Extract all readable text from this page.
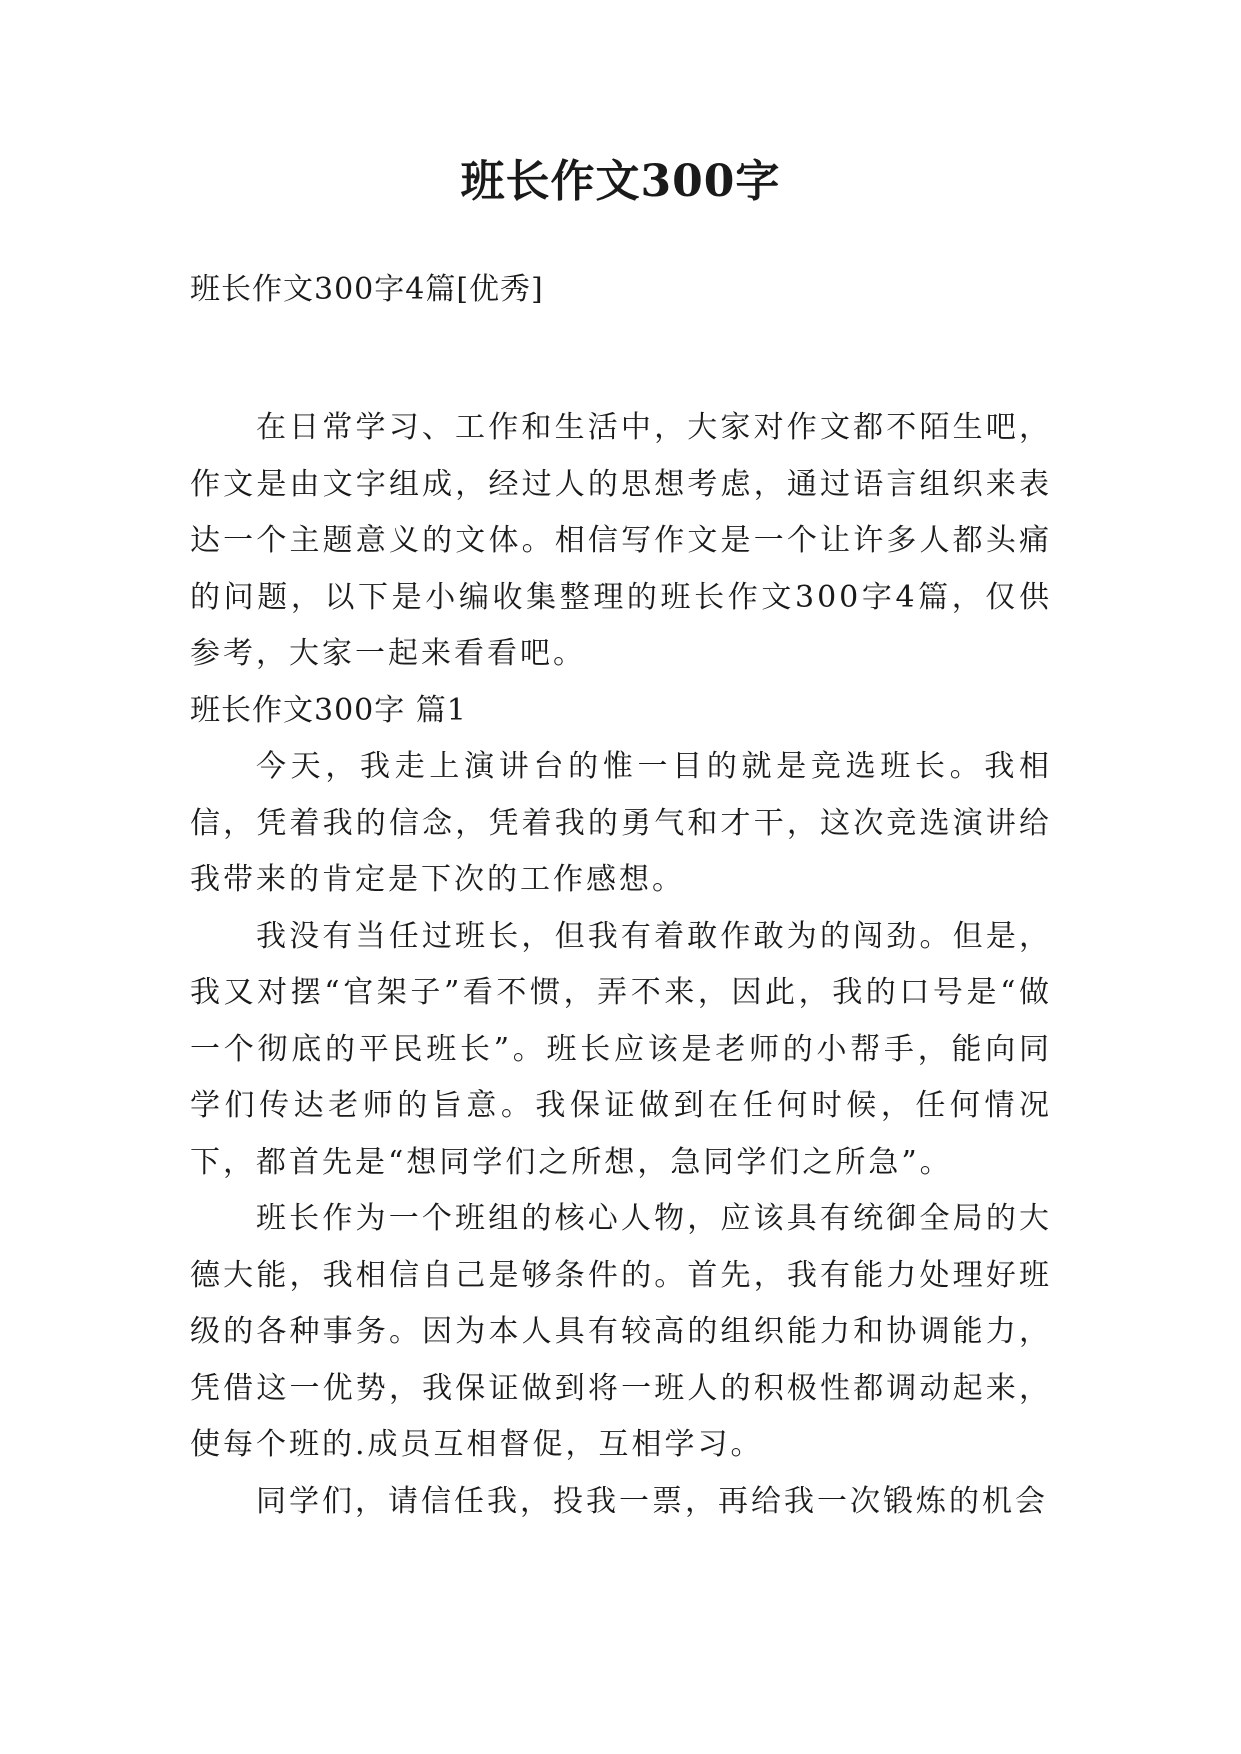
班长作文300字
班长作文300字4篇[优秀]

在日常学习、工作和生活中，大家对作文都不陌生吧，作文是由文字组成，经过人的思想考虑，通过语言组织来表达一个主题意义的文体。相信写作文是一个让许多人都头痛的问题，以下是小编收集整理的班长作文300字4篇，仅供参考，大家一起来看看吧。

班长作文300字 篇1

今天，我走上演讲台的惟一目的就是竞选班长。我相信，凭着我的信念，凭着我的勇气和才干，这次竞选演讲给我带来的肯定是下次的工作感想。

我没有当任过班长，但我有着敢作敢为的闯劲。但是，我又对摆“官架子”看不惯，弄不来，因此，我的口号是“做一个彻底的平民班长”。班长应该是老师的小帮手，能向同学们传达老师的旨意。我保证做到在任何时候，任何情况下，都首先是“想同学们之所想，急同学们之所急”。

班长作为一个班组的核心人物，应该具有统御全局的大德大能，我相信自己是够条件的。首先，我有能力处理好班级的各种事务。因为本人具有较高的组织能力和协调能力，凭借这一优势，我保证做到将一班人的积极性都调动起来，使每个班的.成员互相督促，互相学习。

同学们，请信任我，投我一票，再给我一次锻炼的机会
